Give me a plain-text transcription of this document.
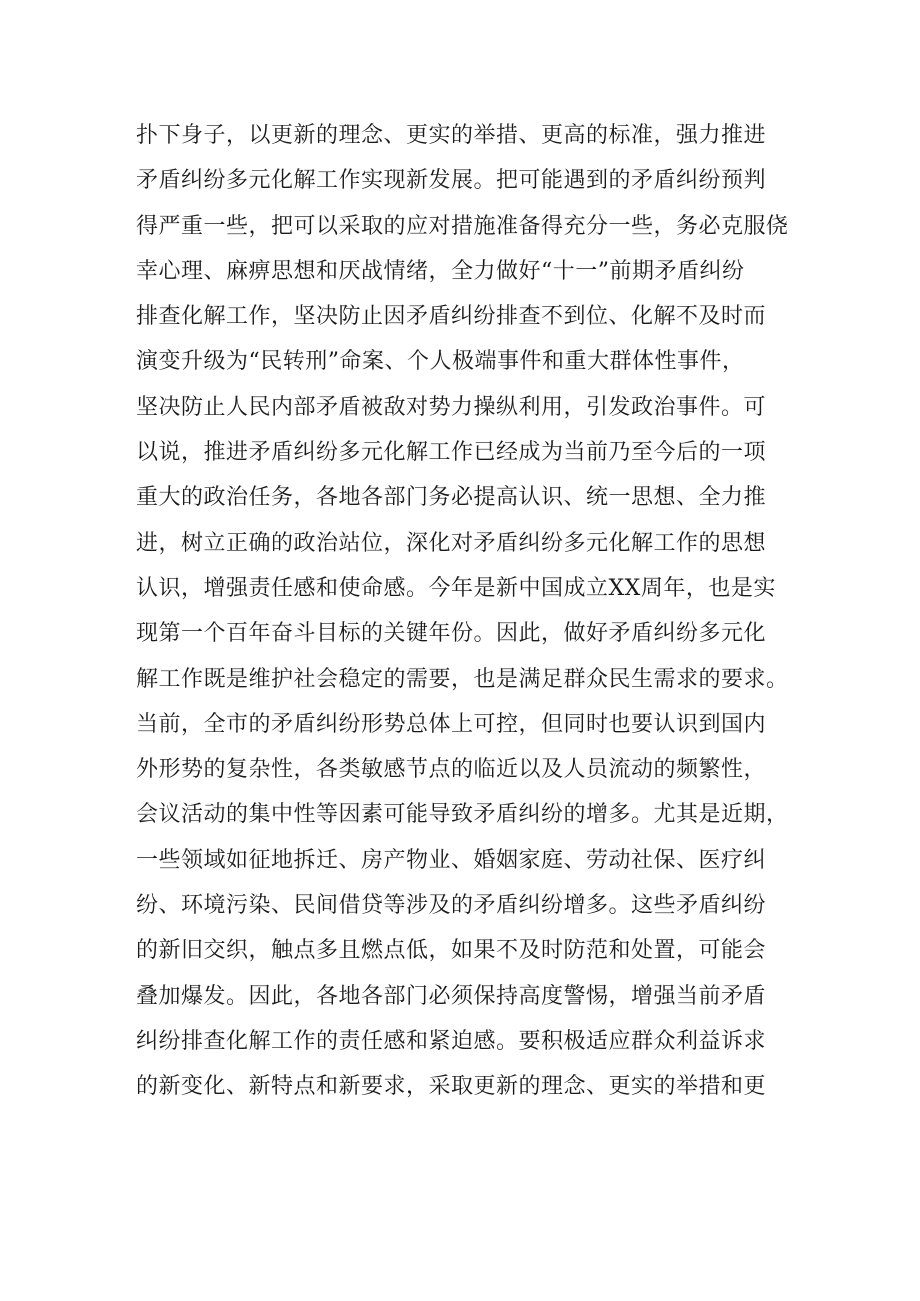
扑下身子，以更新的理念、更实的举措、更高的标准，强力推进
矛盾纠纷多元化解工作实现新发展。把可能遇到的矛盾纠纷预判
得严重一些，把可以采取的应对措施准备得充分一些，务必克服侥
幸心理、麻痹思想和厌战情绪，全力做好“十一”前期矛盾纠纷
排查化解工作，坚决防止因矛盾纠纷排查不到位、化解不及时而
演变升级为“民转刑”命案、个人极端事件和重大群体性事件，
坚决防止人民内部矛盾被敌对势力操纵利用，引发政治事件。可
以说，推进矛盾纠纷多元化解工作已经成为当前乃至今后的一项
重大的政治任务，各地各部门务必提高认识、统一思想、全力推
进，树立正确的政治站位，深化对矛盾纠纷多元化解工作的思想
认识，增强责任感和使命感。今年是新中国成立XX周年，也是实
现第一个百年奋斗目标的关键年份。因此，做好矛盾纠纷多元化
解工作既是维护社会稳定的需要，也是满足群众民生需求的要求。
当前，全市的矛盾纠纷形势总体上可控，但同时也要认识到国内
外形势的复杂性，各类敏感节点的临近以及人员流动的频繁性，
会议活动的集中性等因素可能导致矛盾纠纷的增多。尤其是近期，
一些领域如征地拆迁、房产物业、婚姻家庭、劳动社保、医疗纠
纷、环境污染、民间借贷等涉及的矛盾纠纷增多。这些矛盾纠纷
的新旧交织，触点多且燃点低，如果不及时防范和处置，可能会
叠加爆发。因此，各地各部门必须保持高度警惕，增强当前矛盾
纠纷排查化解工作的责任感和紧迫感。要积极适应群众利益诉求
的新变化、新特点和新要求，采取更新的理念、更实的举措和更
